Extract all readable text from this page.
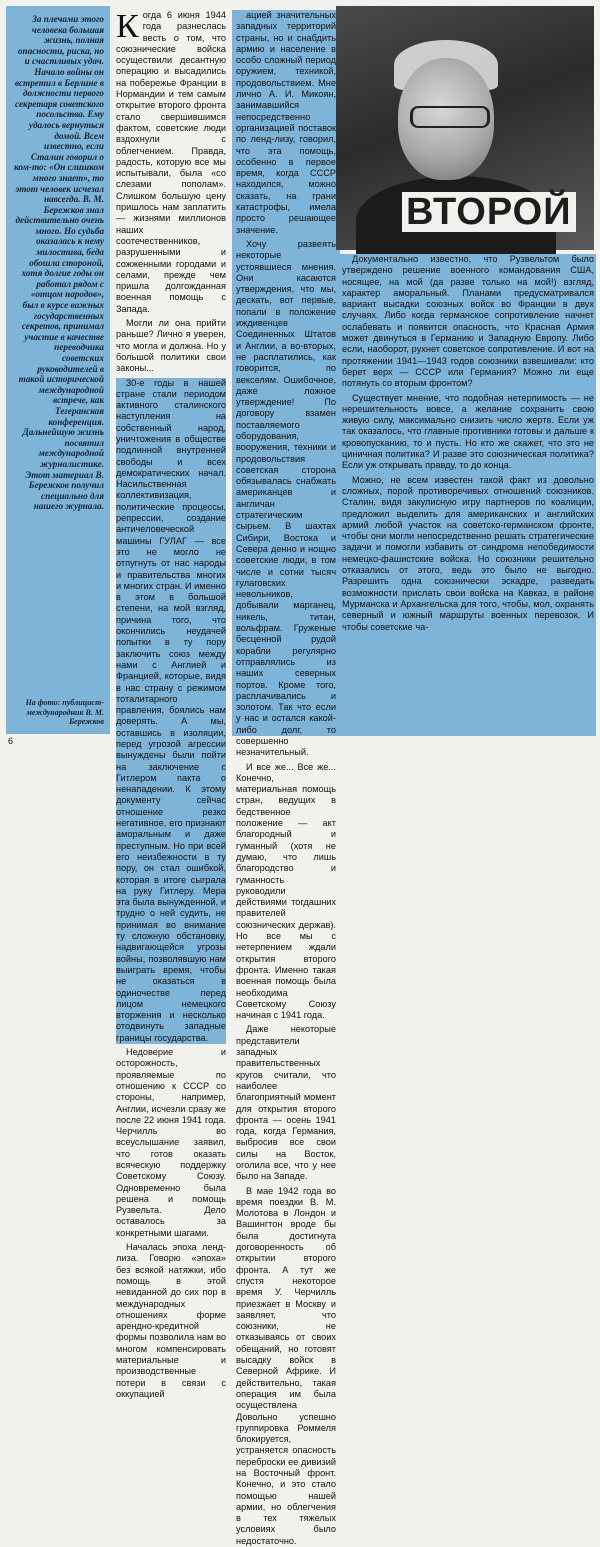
За плечами этого человека большая жизнь, полная опасности, риска, но и счастливых удач. Начало войны он встретил в Берлине в должности первого секретаря советского посольства. Ему удалось вернуться домой. Всем известно, если Сталин говорил о ком-то: «Он слишком много знает», то этот человек исчезал навсегда. В. М. Бережков знал действительно очень много. Но судьба оказалась к нему милостива, беда обошла стороной, хотя долгие годы он работал рядом с «отцом народов», был в курсе важных государственных секретов, принимал участие в качестве переводчика советских руководителей в такой исторической международной встрече, как Тегеранская конференция. Дальнейшую жизнь посвятил международной журналистике. Этот материал В. Бережков получил специально для нашего журнала.
На фото: публицист-международник В. М. Бережков

Когда 6 июня 1944 года разнеслась весть о том, что союзнические войска осуществили десантную операцию и высадились на побережье Франции в Нормандии и тем самым открытие второго фронта стало свершившимся фактом, советские люди вздохнули с облегчением. Правда, радость, которую все мы испытывали, была «со слезами пополам». Слишком большую цену пришлось нам заплатить — жизнями миллионов наших соотечественников, разрушенными и сожженными городами и селами, прежде чем пришла долгожданная военная помощь с Запада.

Могли ли она прийти раньше? Лично я уверен, что могла и должна. Но у большой политики свои законы...

30-е годы в нашей стране стали периодом активного сталинского наступления на собственный народ, уничтожения в обществе подлинной внутренней свободы и всех демократических начал. Насильственная коллективизация, политические процессы, репрессии, создание античеловеческой машины ГУЛАГ — все это не могло не отпугнуть от нас народы и правительства многих и многих стран. И именно в этом в большой степени, на мой взгляд, причина того, что окончились неудачей попытки в ту пору заключить союз между нами с Англией и Францией, которые, видя в нас страну с режимом тоталитарного правления, боялись нам доверять. А мы, оставшись в изоляции, перед угрозой агрессии вынуждены были пойти на заключение с Гитлером пакта о ненападении. К этому документу сейчас отношение резко негативное, его признают аморальным и даже преступным. Но при всей его неизбежности в ту пору, он стал ошибкой, которая в итоге сыграла на руку Гитлеру. Мера эта была вынужденной, и трудно о ней судить, не принимая во внимание ту сложную обстановку, надвигающейся угрозы войны, позволявшую нам выиграть время, чтобы не оказаться в одиночестве перед лицом немецкого вторжения и несколько отодвинуть западные границы государства.

Недоверие и осторожность, проявляемые по отношению к СССР со стороны, например, Англии, исчезли сразу же после 22 июня 1941 года. Черчилль во всеуслышание заявил, что готов оказать всяческую поддержку Советскому Союзу. Одновременно была решена и помощь Рузвельта. Дело оставалось за конкретными шагами.

Началась эпоха ленд-лиза. Говорю «эпоха» без всякой натяжки, ибо помощь в этой невиданной до сих пор в международных отношениях форме арендно-кредитной формы позволила нам во многом компенсировать материальные и производственные потери в связи с оккупацией

ацией значительных западных территорий страны, но и снабдить армию и население в особо сложный период оружием, техникой, продовольствием. Мне лично А. И. Микоян, занимавшийся непосредственно организацией поставок по ленд-лизу, говорил, что эта помощь, особенно в первое время, когда СССР находился, можно сказать, на грани катастрофы, имела просто решающее значение.

Хочу развеять некоторые устоявшиеся мнения. Они касаются утверждения, что мы, дескать, вот первые, попали в положение иждивенцев Соединенных Штатов и Англии, а во-вторых, не расплатились, как говорится, по векселям. Ошибочное, даже ложное утверждение! По договору взамен поставляемого оборудования, вооружения, техники и продовольствия советская сторона обязывалась снабжать американцев и англичан стратегическим сырьем. В шахтах Сибири, Востока и Севера денно и нощно советские люди, в том числе и сотни тысяч гулаговских невольников, добывали марганец, никель, титан, вольфрам. Груженые бесценной рудой корабли регулярно отправлялись из наших северных портов. Кроме того, расплачивались и золотом. Так что если у нас и остался какой-либо долг, то совершенно незначительный.

И все же... Все же... Конечно, материальная помощь стран, ведущих в бедственное положение — акт благородный и гуманный (хотя не думаю, что лишь благородство и гуманность руководили действиями тогдашних правителей союзнических держав). Но все мы с нетерпением ждали открытия второго фронта. Именно такая военная помощь была необходима Советскому Союзу начиная с 1941 года.

Даже некоторые представители западных правительственных кругов считали, что наиболее благоприятный момент для открытия второго фронта — осень 1941 года, когда Германия, выбросив все свои силы на Восток, оголила все, что у нее было на Западе.

В мае 1942 года во время поездки В. М. Молотова в Лондон и Вашингтон вроде бы была достигнута договоренность об открытии второго фронта. А тут же спустя некоторое время У. Черчилль приезжает в Москву и заявляет, что союзники, не отказываясь от своих обещаний, но готовят высадку войск в Северной Африке. И действительно, такая операция им была осуществлена Довольно успешно группировка Роммеля блокируется, устраняется опасность переброски ее дивизий на Восточный фронт. Конечно, и это стало помощью нашей армии, но облегчения в тех тяжелых условиях было недостаточно.

ВТОРОЙ

Документально известно, что Рузвельтом было утверждено решение военного командования США, носящее, на мой (да разве только на мой!) взгляд, характер аморальный. Планами предусматривался вариант высадки союзных войск во Франции в двух случаях. Либо когда германское сопротивление начнет ослабевать и появится опасность, что Красная Армия может двинуться в Германию и Западную Европу. Либо если, наоборот, рухнет советское сопротивление. И вот на протяжении 1941—1943 годов союзники взвешивали: кто берет верх — СССР или Германия? Можно ли еще потянуть со вторым фронтом?

Существует мнение, что подобная нетерпимость — не нерешительность вовсе, а желание сохранить свою живую силу, максимально снизить число жертв. Если уж так оказалось, что главные противники готовы и дальше к кровопусканию, то и пусть. Но кто же скажет, что это не циничная политика? И разве это союзническая политика? Если уж открывать правду, то до конца.

Можно, не всем известен такой факт из довольно сложных, порой противоречивых отношений союзников. Сталин, видя закулисную игру партнеров по коалиции, предложил выделить для американских и английских армий любой участок на советско-германском фронте, чтобы они могли непосредственно решать стратегические задачи и помогли избавить от синдрома непобедимости немецко-фашистские войска. Но союзники решительно отказались от этого, ведь это было не выгодно. Разрешить одна союзнически эскадре, разведать возможности прислать свои войска на Кавказ, в районе Мурманска и Архангельска для того, чтобы, мол, охранять северный и южный маршруты военных перевозок. И чтобы советские ча-

6
